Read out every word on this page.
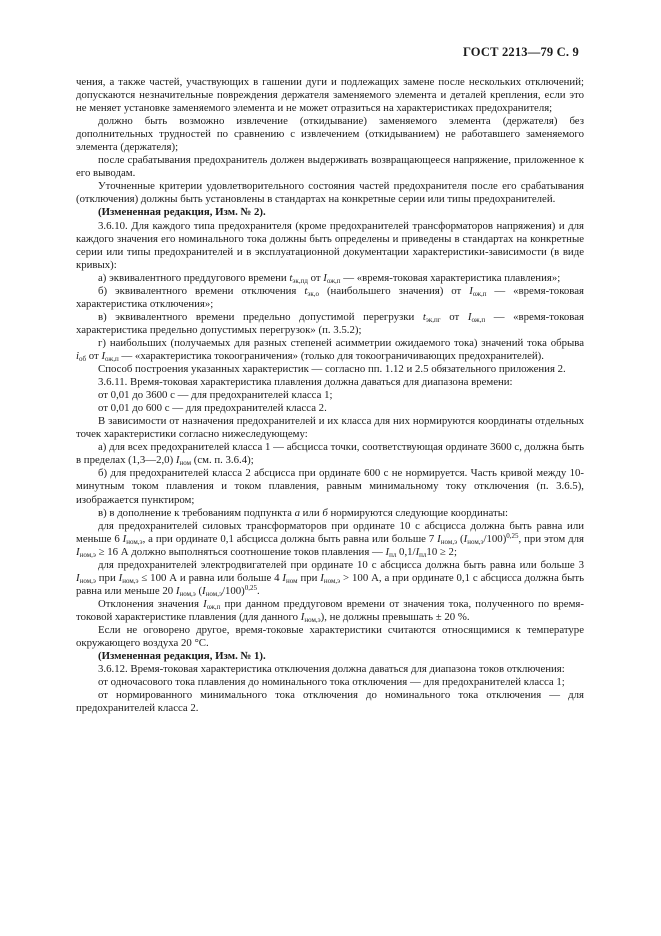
ГОСТ 2213—79 С. 9

чения, а также частей, участвующих в гашении дуги и подлежащих замене после нескольких отключений; допускаются незначительные повреждения держателя заменяемого элемента и деталей крепления, если это не меняет установке заменяемого элемента и не может отразиться на характеристиках предохранителя;

должно быть возможно извлечение (откидывание) заменяемого элемента (держателя) без дополнительных трудностей по сравнению с извлечением (откидыванием) не работавшего заменяемого элемента (держателя);

после срабатывания предохранитель должен выдерживать возвращающееся напряжение, приложенное к его выводам.

Уточненные критерии удовлетворительного состояния частей предохранителя после его срабатывания (отключения) должны быть установлены в стандартах на конкретные серии или типы предохранителей.

(Измененная редакция, Изм. № 2).

3.6.10. Для каждого типа предохранителя (кроме предохранителей трансформаторов напряжения) и для каждого значения его номинального тока должны быть определены и приведены в стандартах на конкретные серии или типы предохранителей и в эксплуатационной документации характеристики-зависимости (в виде кривых):

а) эквивалентного преддугового времени $t_{эк,пд}$ от $I_{ож,п}$ — «время-токовая характеристика плавления»;

б) эквивалентного времени отключения $t_{эк,о}$ (наибольшего значения) от $I_{ож,п}$ — «время-токовая характеристика отключения»;

в) эквивалентного времени предельно допустимой перегрузки $t_{эк,пг}$ от $I_{ож,п}$ — «время-токовая характеристика предельно допустимых перегрузок» (п. 3.5.2);

г) наибольших (получаемых для разных степеней асимметрии ожидаемого тока) значений тока обрыва $i_{об}$ от $I_{ож,п}$ — «характеристика токоограничения» (только для токоограничивающих предохранителей).

Способ построения указанных характеристик — согласно пп. 1.12 и 2.5 обязательного приложения 2.

3.6.11. Время-токовая характеристика плавления должна даваться для диапазона времени:

от 0,01 до 3600 с — для предохранителей класса 1;

от 0,01 до 600 с — для предохранителей класса 2.

В зависимости от назначения предохранителей и их класса для них нормируются координаты отдельных точек характеристики согласно нижеследующему:

а) для всех предохранителей класса 1 — абсцисса точки, соответствующая ординате 3600 с, должна быть в пределах (1,3—2,0) $I_{ном}$ (см. п. 3.6.4);

б) для предохранителей класса 2 абсцисса при ординате 600 с не нормируется. Часть кривой между 10-минутным током плавления и током плавления, равным минимальному току отключения (п. 3.6.5), изображается пунктиром;

в) в дополнение к требованиям подпункта а или б нормируются следующие координаты:

для предохранителей силовых трансформаторов при ординате 10 с абсцисса должна быть равна или меньше 6 $I_{ном,э}$, а при ординате 0,1 абсцисса должна быть равна или больше 7 $I_{ном,э}$ $(I_{ном,э}/100)^{0,25}$, при этом для $I_{ном,э} \ge 16$ А должно выполняться соотношение токов плавления — $I_{пл}$ $0,1/I_{пл}10 \ge 2$;

для предохранителей электродвигателей при ординате 10 с абсцисса должна быть равна или больше 3 $I_{ном,э}$ при $I_{ном,э} \le 100$ А и равна или больше 4 $I_{ном}$ при $I_{ном,э} > 100$ А, а при ординате 0,1 с абсцисса должна быть равна или меньше 20 $I_{ном,э}$ $(I_{ном,э}/100)^{0,25}$.

Отклонения значения $I_{ож,п}$ при данном преддуговом времени от значения тока, полученного по время-токовой характеристике плавления (для данного $I_{ном,э}$), не должны превышать ± 20 %.

Если не оговорено другое, время-токовые характеристики считаются относящимися к температуре окружающего воздуха 20 °С.

(Измененная редакция, Изм. № 1).

3.6.12. Время-токовая характеристика отключения должна даваться для диапазона токов отключения:

от одночасового тока плавления до номинального тока отключения — для предохранителей класса 1;

от нормированного минимального тока отключения до номинального тока отключения — для предохранителей класса 2.
